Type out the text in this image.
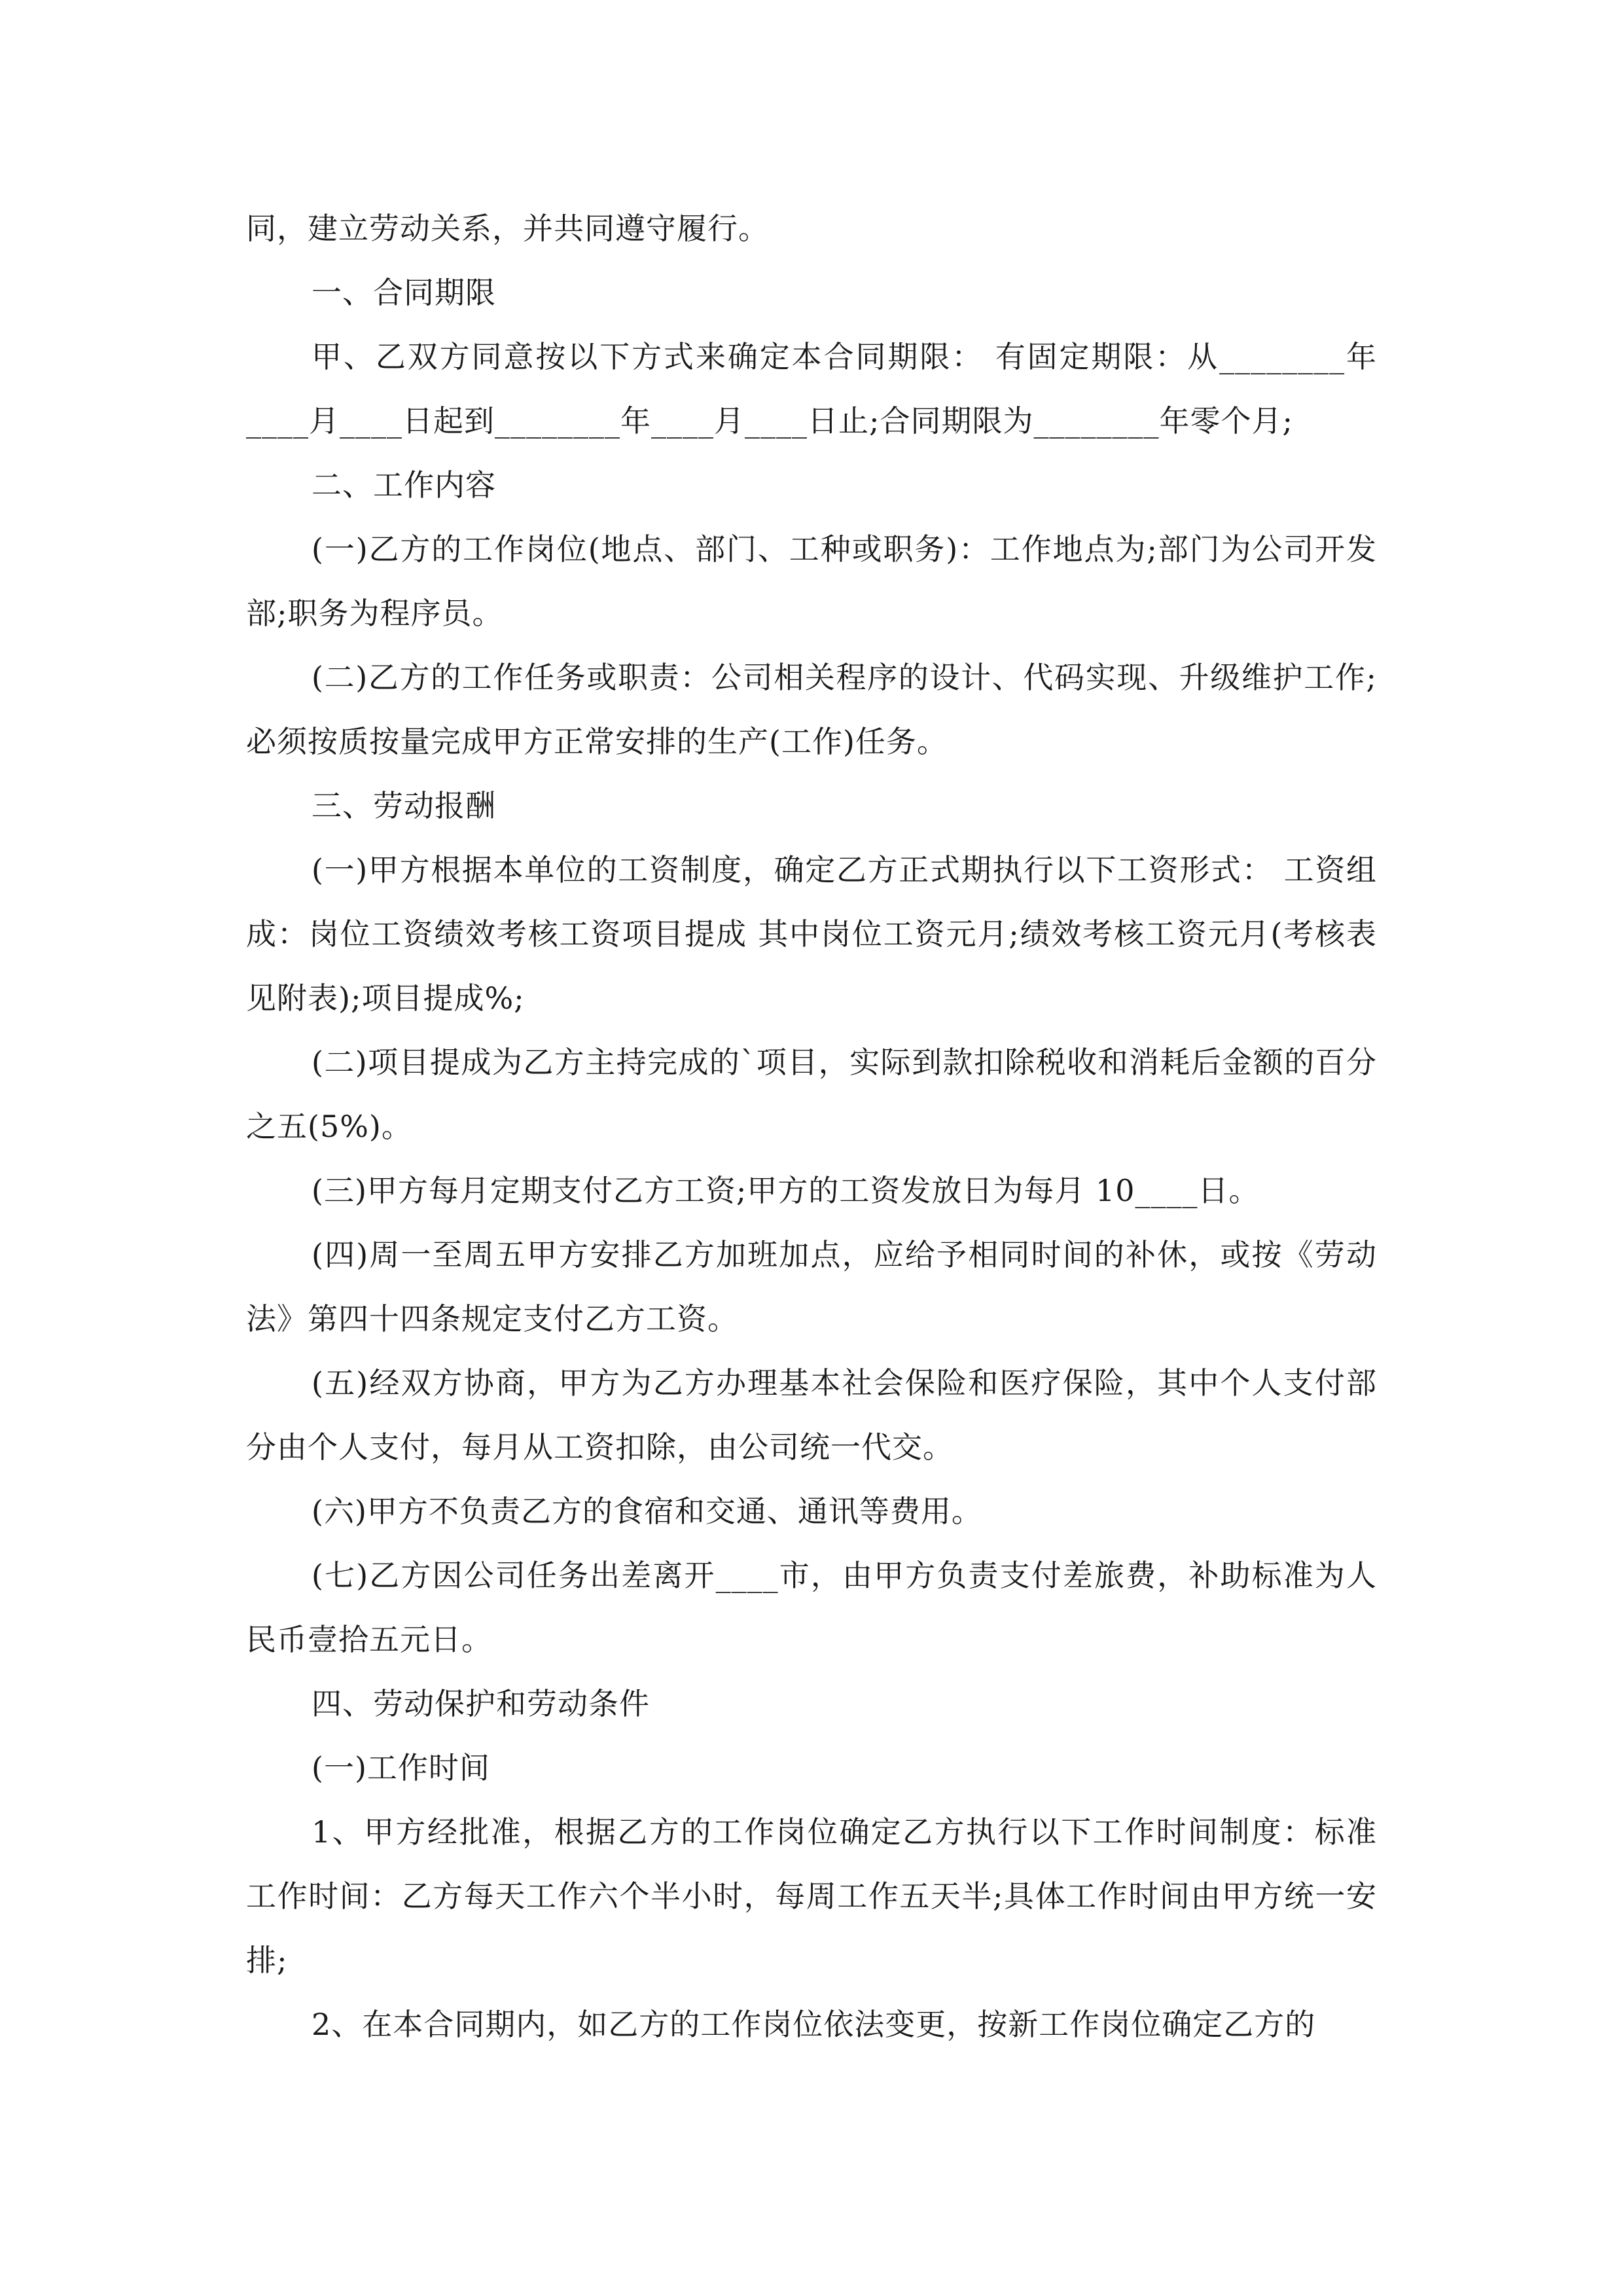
同，建立劳动关系，并共同遵守履行。

一、合同期限

甲、乙双方同意按以下方式来确定本合同期限： 有固定期限：从________年____月____日起到________年____月____日止;合同期限为________年零个月;

二、工作内容

(一)乙方的工作岗位(地点、部门、工种或职务)：工作地点为;部门为公司开发部;职务为程序员。

(二)乙方的工作任务或职责：公司相关程序的设计、代码实现、升级维护工作;必须按质按量完成甲方正常安排的生产(工作)任务。

三、劳动报酬

(一)甲方根据本单位的工资制度，确定乙方正式期执行以下工资形式： 工资组成：岗位工资绩效考核工资项目提成 其中岗位工资元月;绩效考核工资元月(考核表见附表);项目提成%;

(二)项目提成为乙方主持完成的`项目，实际到款扣除税收和消耗后金额的百分之五(5%)。

(三)甲方每月定期支付乙方工资;甲方的工资发放日为每月 10____日。

(四)周一至周五甲方安排乙方加班加点，应给予相同时间的补休，或按《劳动法》第四十四条规定支付乙方工资。

(五)经双方协商，甲方为乙方办理基本社会保险和医疗保险，其中个人支付部分由个人支付，每月从工资扣除，由公司统一代交。

(六)甲方不负责乙方的食宿和交通、通讯等费用。

(七)乙方因公司任务出差离开____市，由甲方负责支付差旅费，补助标准为人民币壹拾五元日。

四、劳动保护和劳动条件

(一)工作时间

1、甲方经批准，根据乙方的工作岗位确定乙方执行以下工作时间制度：标准工作时间：乙方每天工作六个半小时，每周工作五天半;具体工作时间由甲方统一安排;

2、在本合同期内，如乙方的工作岗位依法变更，按新工作岗位确定乙方的
